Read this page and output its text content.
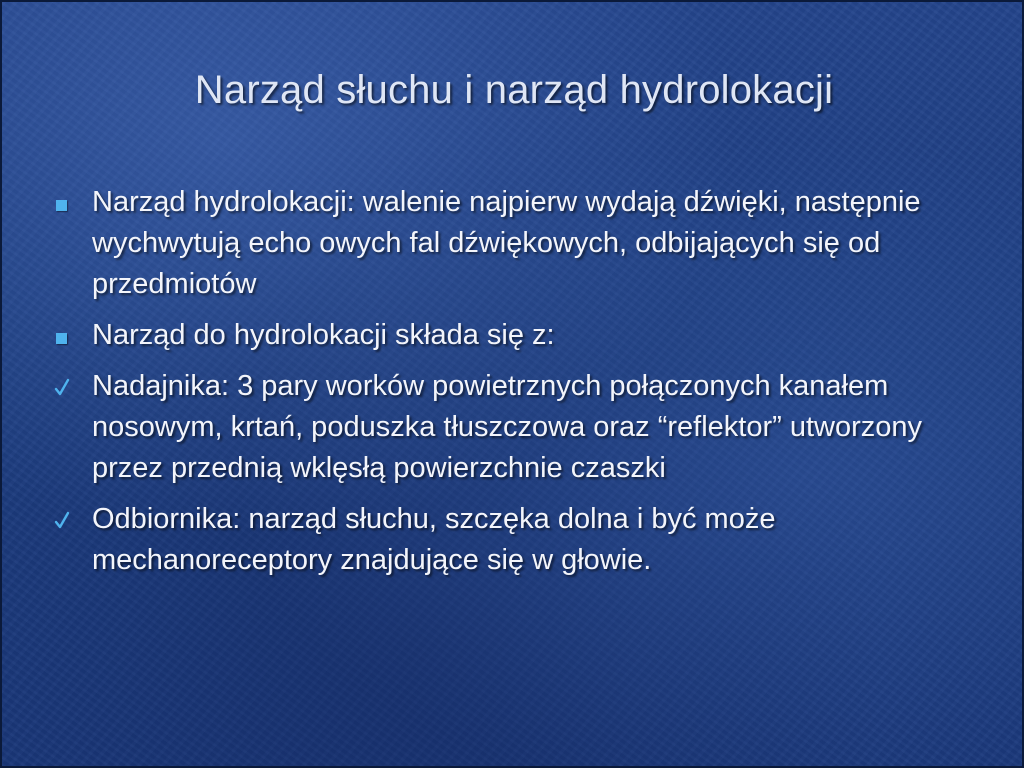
Narząd słuchu i narząd hydrolokacji

Narząd hydrolokacji: walenie najpierw wydają dźwięki, następnie wychwytują echo owych fal dźwiękowych, odbijających się od przedmiotów

Narząd do hydrolokacji składa się z:

Nadajnika: 3 pary worków powietrznych połączonych kanałem nosowym, krtań, poduszka tłuszczowa oraz “reflektor” utworzony przez przednią wklęsłą powierzchnie czaszki

Odbiornika: narząd słuchu, szczęka dolna i być może mechanoreceptory znajdujące się w głowie.
